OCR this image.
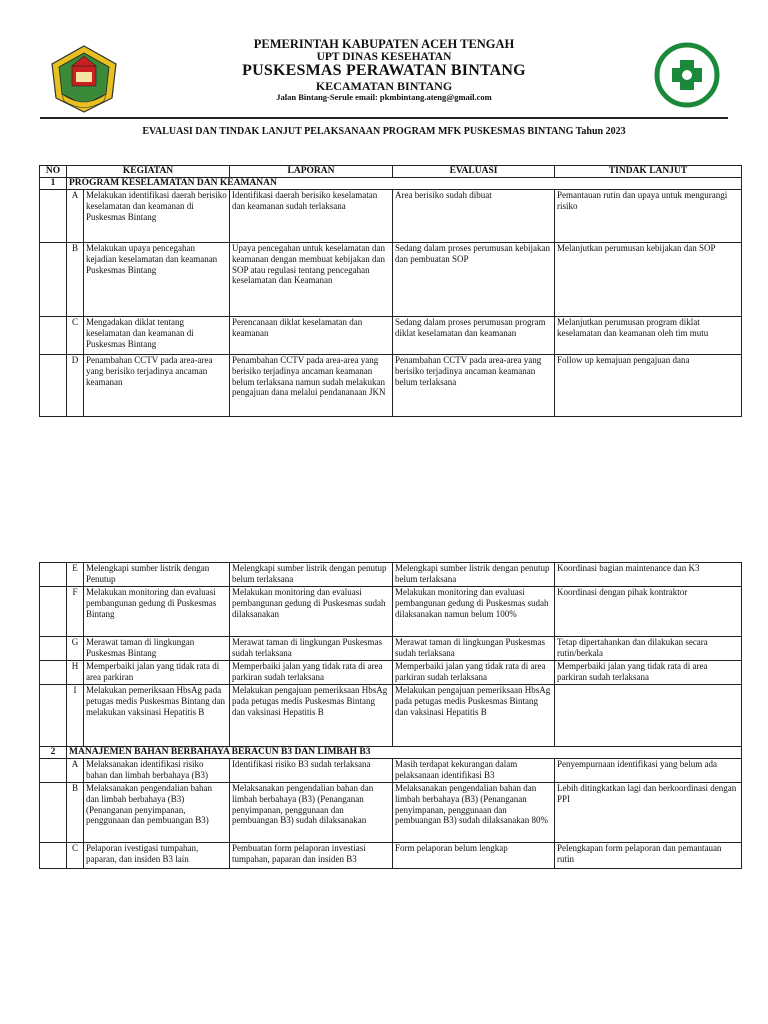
PEMERINTAH KABUPATEN ACEH TENGAH
UPT DINAS KESEHATAN
PUSKESMAS PERAWATAN BINTANG
KECAMATAN BINTANG
Jalan Bintang-Serule email: pkmbintang.ateng@gmail.com
EVALUASI DAN TINDAK LANJUT PELAKSANAAN PROGRAM MFK PUSKESMAS BINTANG Tahun 2023
NO	KEGIATAN		LAPORAN	EVALUASI	TINDAK LANJUT
1	PROGRAM KESELAMATAN DAN KEAMANAN				
	A	Melakukan identifikasi daerah berisiko keselamatan dan keamanan di Puskesmas Bintang	Identifikasi daerah berisiko keselamatan dan keamanan sudah terlaksana	Area berisiko sudah dibuat	Pemantauan rutin dan upaya untuk mengurangi risiko
	B	Melakukan upaya pencegahan kejadian keselamatan dan keamanan Puskesmas Bintang	Upaya pencegahan untuk keselamatan dan keamanan dengan membuat kebijakan dan SOP atau regulasi tentang pencegahan keselamatan dan Keamanan	Sedang dalam proses perumusan kebijakan dan pembuatan SOP	Melanjutkan perumusan kebijakan dan SOP
	C	Mengadakan diklat tentang keselamatan dan keamanan di Puskesmas Bintang	Perencanaan diklat keselamatan dan keamanan	Sedang dalam proses perumusan program diklat keselamatan dan keamanan	Melanjutkan perumusan program diklat keselamatan dan keamanan oleh tim mutu
	D	Penambahan CCTV pada area-area yang berisiko terjadinya ancaman keamanan	Penambahan CCTV pada area-area yang berisiko terjadinya ancaman keamanan belum terlaksana namun sudah melakukan pengajuan dana melalui pendananaan JKN	Penambahan CCTV pada area-area yang berisiko terjadinya ancaman keamanan belum terlaksana	Follow up kemajuan pengajuan dana
	E	Melengkapi sumber listrik dengan Penutup	Melengkapi sumber listrik dengan penutup belum terlaksana	Melengkapi sumber listrik dengan penutup belum terlaksana	Koordinasi bagian maintenance dan K3
	F	Melakukan monitoring dan evaluasi pembangunan gedung di Puskesmas Bintang	Melakukan monitoring dan evaluasi pembangunan gedung di Puskesmas sudah dilaksanakan	Melakukan monitoring dan evaluasi pembangunan gedung di Puskesmas sudah dilaksanakan namun belum 100%	Koordinasi dengan pihak kontraktor
	G	Merawat taman di lingkungan Puskesmas Bintang	Merawat taman di lingkungan Puskesmas sudah terlaksana	Merawat taman di lingkungan Puskesmas sudah terlaksana	Tetap dipertahankan dan dilakukan secara rutin/berkala
	H	Memperbaiki jalan yang tidak rata di area parkiran	Memperbaiki jalan yang tidak rata di area parkiran sudah terlaksana	Memperbaiki jalan yang tidak rata di area parkiran sudah terlaksana	Memperbaiki jalan yang tidak rata di area parkiran sudah terlaksana
	I	Melakukan pemeriksaan HbsAg pada petugas medis Puskesmas Bintang dan melakukan vaksinasi Hepatitis B	Melakukan pengajuan pemeriksaan HbsAg pada petugas medis Puskesmas Bintang dan vaksinasi Hepatitis B	Melakukan pengajuan pemeriksaan HbsAg pada petugas medis Puskesmas Bintang dan vaksinasi Hepatitis B	
2	MANAJEMEN BAHAN BERBAHAYA BERACUN B3 DAN LIMBAH B3				
	A	Melaksanakan identifikasi risiko bahan dan limbah berbahaya (B3)	Identifikasi risiko B3 sudah terlaksana	Masih terdapat kekurangan dalam pelaksanaan identifikasi B3	Penyempurnaan identifikasi yang belum ada
	B	Melaksanakan pengendalian bahan dan limbah berbahaya (B3) (Penanganan penyimpanan, penggunaan dan pembuangan B3)	Melaksanakan pengendalian bahan dan limbah berbahaya (B3) (Penanganan penyimpanan, penggunaan dan pembuangan B3) sudah dilaksanakan	Melaksanakan pengendalian bahan dan limbah berbahaya (B3) (Penanganan penyimpanan, penggunaan dan pembuangan B3) sudah dilaksanakan 80%	Lebih ditingkatkan lagi dan berkoordinasi dengan PPI
	C	Pelaporan ivestigasi tumpahan, paparan, dan insiden B3 lain	Pembuatan form pelaporan investiasi tumpahan, paparan dan insiden B3	Form pelaporan belum lengkap	Pelengkapan form pelaporan dan pemantauan rutin
